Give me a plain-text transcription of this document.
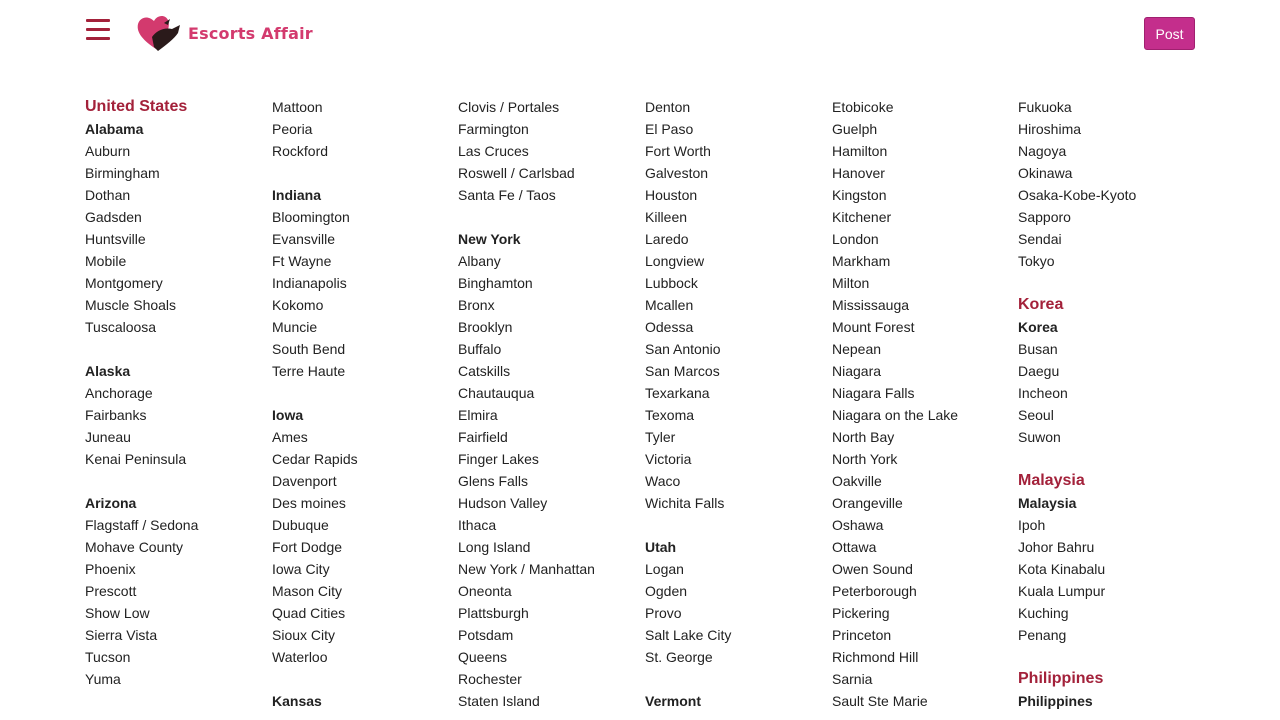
Escorts Affair	Post
United States
Alabama
Auburn
Birmingham
Dothan
Gadsden
Huntsville
Mobile
Montgomery
Muscle Shoals
Tuscaloosa
Alaska
Anchorage
Fairbanks
Juneau
Kenai Peninsula
Arizona
Flagstaff / Sedona
Mohave County
Phoenix
Prescott
Show Low
Sierra Vista
Tucson
Yuma
Mattoon
Peoria
Rockford
Indiana
Bloomington
Evansville
Ft Wayne
Indianapolis
Kokomo
Muncie
South Bend
Terre Haute
Iowa
Ames
Cedar Rapids
Davenport
Des moines
Dubuque
Fort Dodge
Iowa City
Mason City
Quad Cities
Sioux City
Waterloo
Kansas
Clovis / Portales
Farmington
Las Cruces
Roswell / Carlsbad
Santa Fe / Taos
New York
Albany
Binghamton
Bronx
Brooklyn
Buffalo
Catskills
Chautauqua
Elmira
Fairfield
Finger Lakes
Glens Falls
Hudson Valley
Ithaca
Long Island
New York / Manhattan
Oneonta
Plattsburgh
Potsdam
Queens
Rochester
Staten Island
Denton
El Paso
Fort Worth
Galveston
Houston
Killeen
Laredo
Longview
Lubbock
Mcallen
Odessa
San Antonio
San Marcos
Texarkana
Texoma
Tyler
Victoria
Waco
Wichita Falls
Utah
Logan
Ogden
Provo
Salt Lake City
St. George
Vermont
Etobicoke
Guelph
Hamilton
Hanover
Kingston
Kitchener
London
Markham
Milton
Mississauga
Mount Forest
Nepean
Niagara
Niagara Falls
Niagara on the Lake
North Bay
North York
Oakville
Orangeville
Oshawa
Ottawa
Owen Sound
Peterborough
Pickering
Princeton
Richmond Hill
Sarnia
Sault Ste Marie
Fukuoka
Hiroshima
Nagoya
Okinawa
Osaka-Kobe-Kyoto
Sapporo
Sendai
Tokyo
Korea
Korea
Busan
Daegu
Incheon
Seoul
Suwon
Malaysia
Malaysia
Ipoh
Johor Bahru
Kota Kinabalu
Kuala Lumpur
Kuching
Penang
Philippines
Philippines
